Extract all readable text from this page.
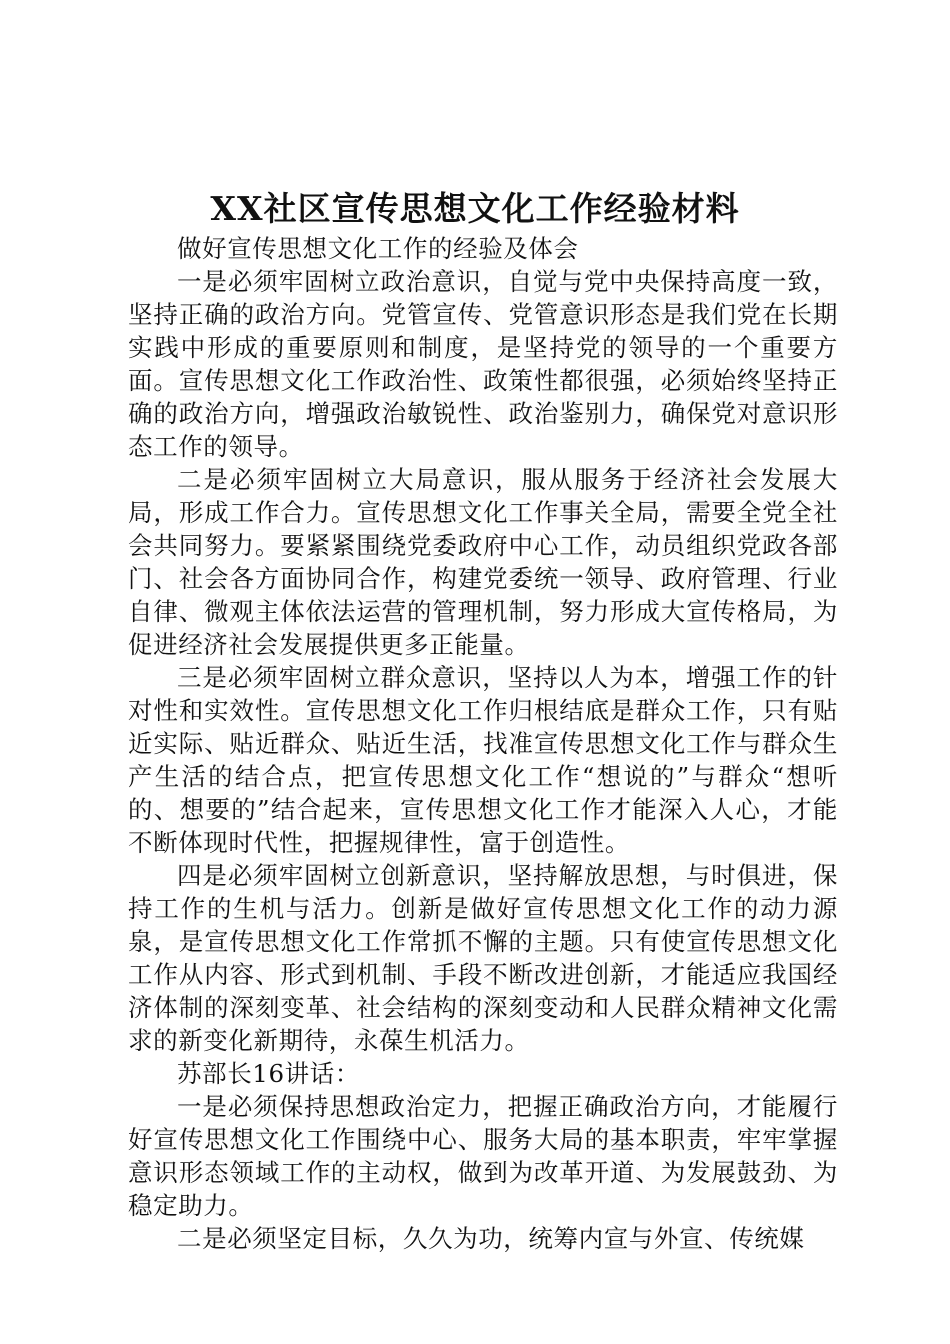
XX社区宣传思想文化工作经验材料

做好宣传思想文化工作的经验及体会

一是必须牢固树立政治意识，自觉与党中央保持高度一致，坚持正确的政治方向。党管宣传、党管意识形态是我们党在长期实践中形成的重要原则和制度，是坚持党的领导的一个重要方面。宣传思想文化工作政治性、政策性都很强，必须始终坚持正确的政治方向，增强政治敏锐性、政治鉴别力，确保党对意识形态工作的领导。

二是必须牢固树立大局意识，服从服务于经济社会发展大局，形成工作合力。宣传思想文化工作事关全局，需要全党全社会共同努力。要紧紧围绕党委政府中心工作，动员组织党政各部门、社会各方面协同合作，构建党委统一领导、政府管理、行业自律、微观主体依法运营的管理机制，努力形成大宣传格局，为促进经济社会发展提供更多正能量。

三是必须牢固树立群众意识，坚持以人为本，增强工作的针对性和实效性。宣传思想文化工作归根结底是群众工作，只有贴近实际、贴近群众、贴近生活，找准宣传思想文化工作与群众生产生活的结合点，把宣传思想文化工作“想说的”与群众“想听的、想要的”结合起来，宣传思想文化工作才能深入人心，才能不断体现时代性，把握规律性，富于创造性。

四是必须牢固树立创新意识，坚持解放思想，与时俱进，保持工作的生机与活力。创新是做好宣传思想文化工作的动力源泉，是宣传思想文化工作常抓不懈的主题。只有使宣传思想文化工作从内容、形式到机制、手段不断改进创新，才能适应我国经济体制的深刻变革、社会结构的深刻变动和人民群众精神文化需求的新变化新期待，永葆生机活力。

苏部长16讲话：

一是必须保持思想政治定力，把握正确政治方向，才能履行好宣传思想文化工作围绕中心、服务大局的基本职责，牢牢掌握意识形态领域工作的主动权，做到为改革开道、为发展鼓劲、为稳定助力。

二是必须坚定目标，久久为功，统筹内宣与外宣、传统媒
